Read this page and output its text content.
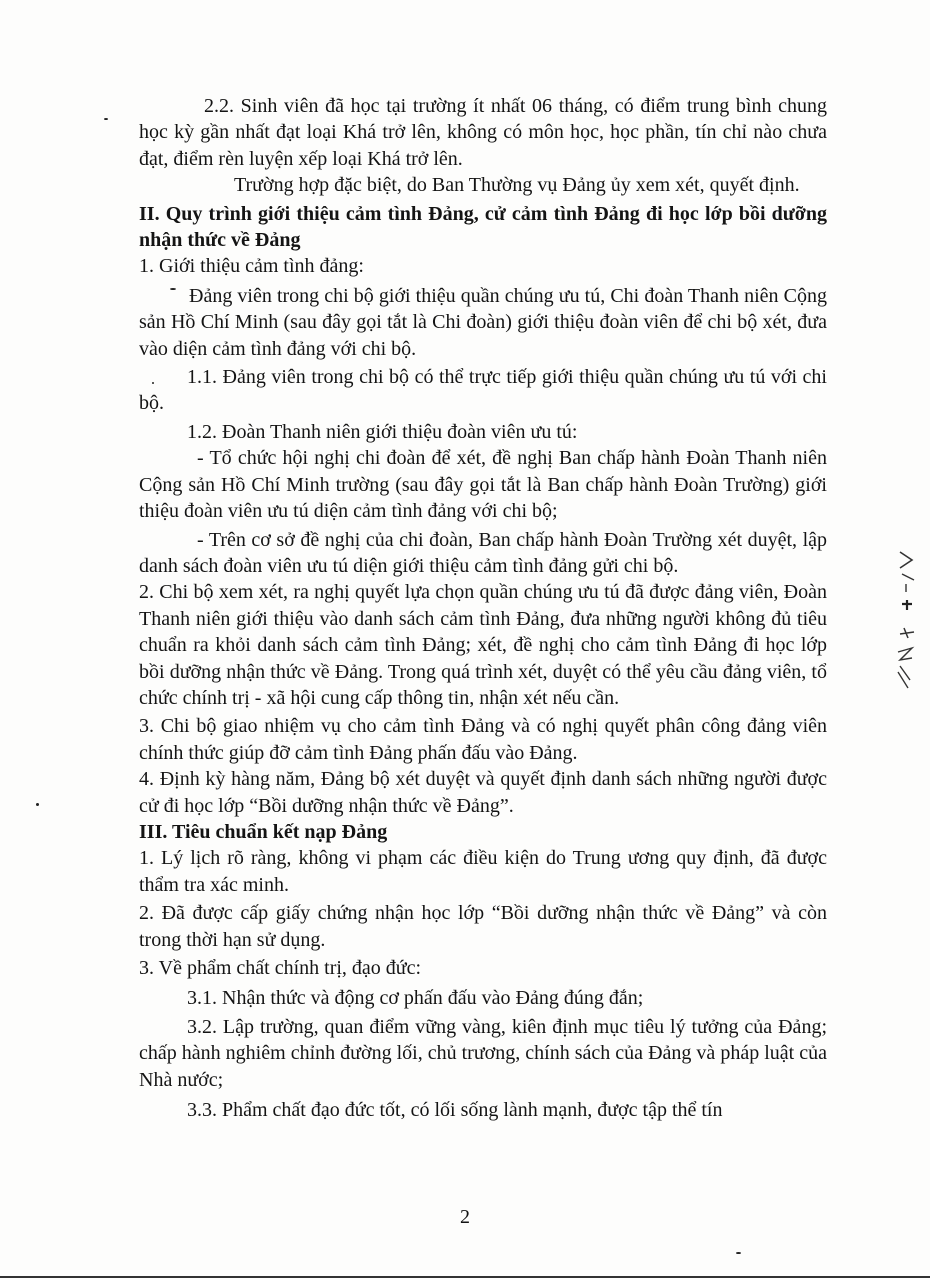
2.2. Sinh viên đã học tại trường ít nhất 06 tháng, có điểm trung bình chung học kỳ gần nhất đạt loại Khá trở lên, không có môn học, học phần, tín chỉ nào chưa đạt, điểm rèn luyện xếp loại Khá trở lên.

Trường hợp đặc biệt, do Ban Thường vụ Đảng ủy xem xét, quyết định.

II. Quy trình giới thiệu cảm tình Đảng, cử cảm tình Đảng đi học lớp bồi dưỡng nhận thức về Đảng

1. Giới thiệu cảm tình đảng:

Đảng viên trong chi bộ giới thiệu quần chúng ưu tú, Chi đoàn Thanh niên Cộng sản Hồ Chí Minh (sau đây gọi tắt là Chi đoàn) giới thiệu đoàn viên để chi bộ xét, đưa vào diện cảm tình đảng với chi bộ.

1.1. Đảng viên trong chi bộ có thể trực tiếp giới thiệu quần chúng ưu tú với chi bộ.

1.2. Đoàn Thanh niên giới thiệu đoàn viên ưu tú:

- Tổ chức hội nghị chi đoàn để xét, đề nghị Ban chấp hành Đoàn Thanh niên Cộng sản Hồ Chí Minh trường (sau đây gọi tắt là Ban chấp hành Đoàn Trường) giới thiệu đoàn viên ưu tú diện cảm tình đảng với chi bộ;

- Trên cơ sở đề nghị của chi đoàn, Ban chấp hành Đoàn Trường xét duyệt, lập danh sách đoàn viên ưu tú diện giới thiệu cảm tình đảng gửi chi bộ.

2. Chi bộ xem xét, ra nghị quyết lựa chọn quần chúng ưu tú đã được đảng viên, Đoàn Thanh niên giới thiệu vào danh sách cảm tình Đảng, đưa những người không đủ tiêu chuẩn ra khỏi danh sách cảm tình Đảng; xét, đề nghị cho cảm tình Đảng đi học lớp bồi dưỡng nhận thức về Đảng. Trong quá trình xét, duyệt có thể yêu cầu đảng viên, tổ chức chính trị - xã hội cung cấp thông tin, nhận xét nếu cần.

3. Chi bộ giao nhiệm vụ cho cảm tình Đảng và có nghị quyết phân công đảng viên chính thức giúp đỡ cảm tình Đảng phấn đấu vào Đảng.

4. Định kỳ hàng năm, Đảng bộ xét duyệt và quyết định danh sách những người được cử đi học lớp “Bồi dưỡng nhận thức về Đảng”.

III. Tiêu chuẩn kết nạp Đảng

1. Lý lịch rõ ràng, không vi phạm các điều kiện do Trung ương quy định, đã được thẩm tra xác minh.

2. Đã được cấp giấy chứng nhận học lớp “Bồi dưỡng nhận thức về Đảng” và còn trong thời hạn sử dụng.

3. Về phẩm chất chính trị, đạo đức:

3.1. Nhận thức và động cơ phấn đấu vào Đảng đúng đắn;

3.2. Lập trường, quan điểm vững vàng, kiên định mục tiêu lý tưởng của Đảng; chấp hành nghiêm chỉnh đường lối, chủ trương, chính sách của Đảng và pháp luật của Nhà nước;

3.3. Phẩm chất đạo đức tốt, có lối sống lành mạnh, được tập thể tín

2
